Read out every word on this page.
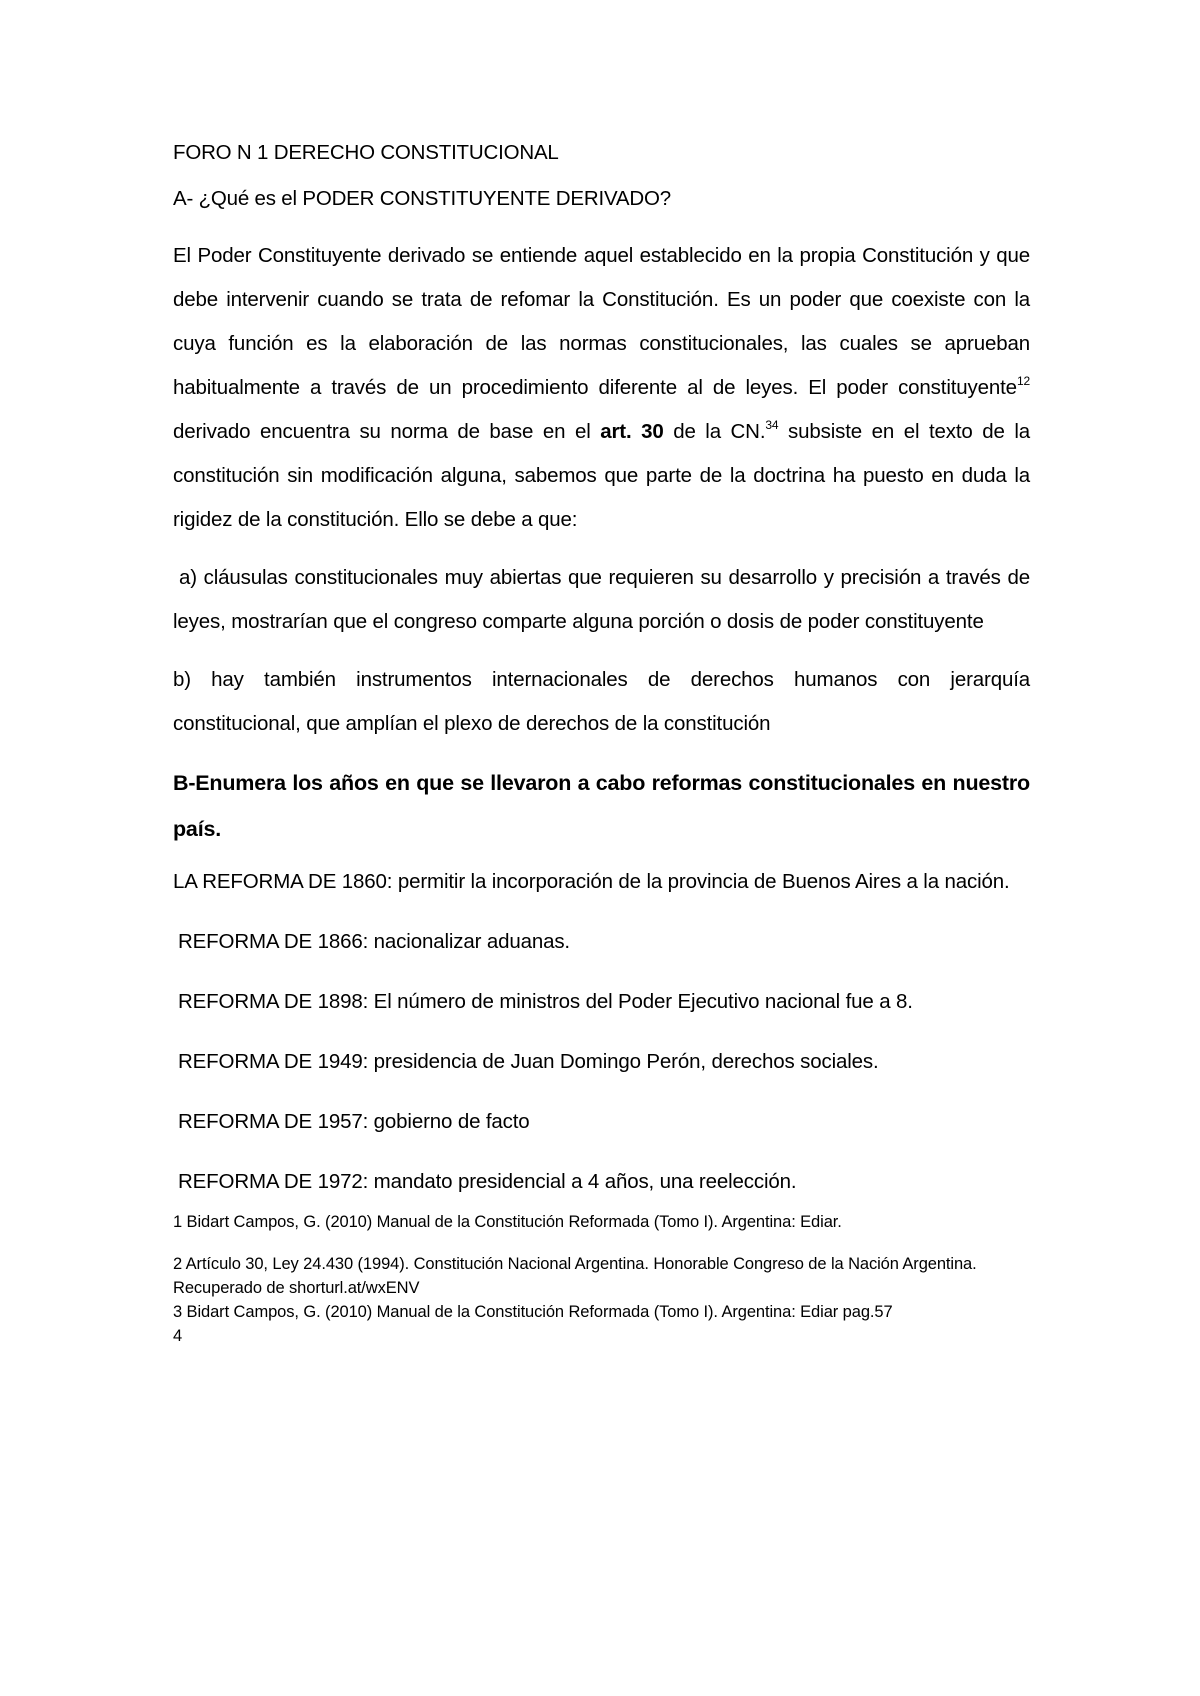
FORO N 1 DERECHO CONSTITUCIONAL

A- ¿Qué es el PODER CONSTITUYENTE DERIVADO?

El Poder Constituyente derivado se entiende aquel establecido en la propia Constitución y que debe intervenir cuando se trata de refomar la Constitución. Es un poder que coexiste con la cuya función es la elaboración de las normas constitucionales, las cuales se aprueban habitualmente a través de un procedimiento diferente al de leyes. El poder constituyente$^{12}$ derivado encuentra su norma de base en el art. 30 de la CN.$^{34}$ subsiste en el texto de la constitución sin modificación alguna, sabemos que parte de la doctrina ha puesto en duda la rigidez de la constitución. Ello se debe a que:

a) cláusulas constitucionales muy abiertas que requieren su desarrollo y precisión a través de leyes, mostrarían que el congreso comparte alguna porción o dosis de poder constituyente

b) hay también instrumentos internacionales de derechos humanos con jerarquía constitucional, que amplían el plexo de derechos de la constitución

B-Enumera los años en que se llevaron a cabo reformas constitucionales en nuestro país.

LA REFORMA DE 1860: permitir la incorporación de la provincia de Buenos Aires a la nación.

REFORMA DE 1866: nacionalizar aduanas.

REFORMA DE 1898: El número de ministros del Poder Ejecutivo nacional fue a 8.

REFORMA DE 1949: presidencia de Juan Domingo Perón, derechos sociales.

REFORMA DE 1957: gobierno de facto

REFORMA DE 1972: mandato presidencial a 4 años, una reelección.

1 Bidart Campos, G. (2010) Manual de la Constitución Reformada (Tomo I). Argentina: Ediar.

2 Artículo 30, Ley 24.430 (1994). Constitución Nacional Argentina. Honorable Congreso de la Nación Argentina. Recuperado de shorturl.at/wxENV

3 Bidart Campos, G. (2010) Manual de la Constitución Reformada (Tomo I). Argentina: Ediar pag.57

4
